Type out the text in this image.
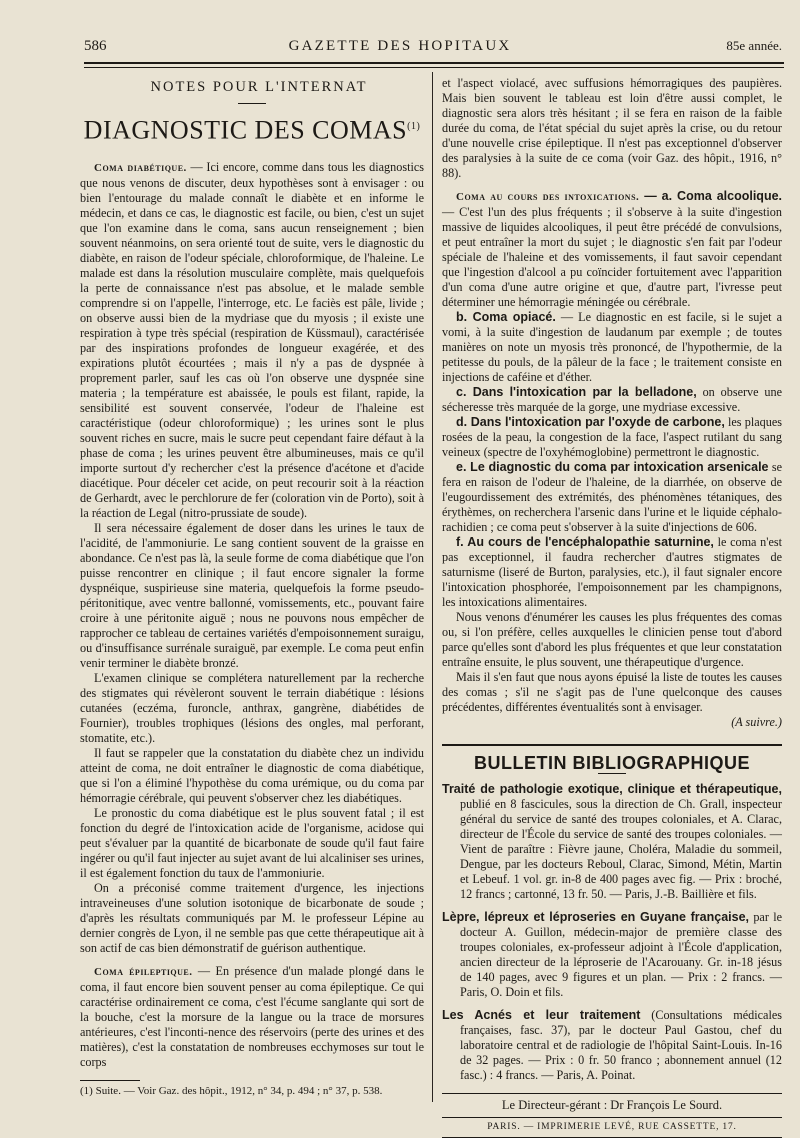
586	GAZETTE DES HOPITAUX	85e année.

NOTES POUR L'INTERNAT

DIAGNOSTIC DES COMAS$^{(1)}$

Coma diabétique. — Ici encore, comme dans tous les diagnostics que nous venons de discuter, deux hypothèses sont à envisager : ou bien l'entourage du malade connaît le diabète et en informe le médecin, et dans ce cas, le diagnostic est facile, ou bien, c'est un sujet que l'on examine dans le coma, sans aucun renseignement ; bien souvent néanmoins, on sera orienté tout de suite, vers le diagnostic du diabète, en raison de l'odeur spéciale, chloroformique, de l'haleine. Le malade est dans la résolution musculaire complète, mais quelquefois la perte de connaissance n'est pas absolue, et le malade semble comprendre si on l'appelle, l'interroge, etc. Le faciès est pâle, livide ; on observe aussi bien de la mydriase que du myosis ; il existe une respiration à type très spécial (respiration de Küssmaul), caractérisée par des inspirations profondes de longueur exagérée, et des expirations plutôt écourtées ; mais il n'y a pas de dyspnée à proprement parler, sauf les cas où l'on observe une dyspnée sine materia ; la température est abaissée, le pouls est filant, rapide, la sensibilité est souvent conservée, l'odeur de l'haleine est caractéristique (odeur chloroformique) ; les urines sont le plus souvent riches en sucre, mais le sucre peut cependant faire défaut à la phase de coma ; les urines peuvent être albumineuses, mais ce qu'il importe surtout d'y rechercher c'est la présence d'acétone et d'acide diacétique. Pour déceler cet acide, on peut recourir soit à la réaction de Gerhardt, avec le perchlorure de fer (coloration vin de Porto), soit à la réaction de Legal (nitro-prussiate de soude).

Il sera nécessaire également de doser dans les urines le taux de l'acidité, de l'ammoniurie. Le sang contient souvent de la graisse en abondance. Ce n'est pas là, la seule forme de coma diabétique que l'on puisse rencontrer en clinique ; il faut encore signaler la forme dyspnéique, suspirieuse sine materia, quelquefois la forme pseudo-péritonitique, avec ventre ballonné, vomissements, etc., pouvant faire croire à une péritonite aiguë ; nous ne pouvons nous empêcher de rapprocher ce tableau de certaines variétés d'empoisonnement suraigu, ou d'insuffisance surrénale suraiguë, par exemple. Le coma peut enfin venir terminer le diabète bronzé.

L'examen clinique se complétera naturellement par la recherche des stigmates qui révèleront souvent le terrain diabétique : lésions cutanées (eczéma, furoncle, anthrax, gangrène, diabétides de Fournier), troubles trophiques (lésions des ongles, mal perforant, stomatite, etc.).

Il faut se rappeler que la constatation du diabète chez un individu atteint de coma, ne doit entraîner le diagnostic de coma diabétique, que si l'on a éliminé l'hypothèse du coma urémique, ou du coma par hémorragie cérébrale, qui peuvent s'observer chez les diabétiques.

Le pronostic du coma diabétique est le plus souvent fatal ; il est fonction du degré de l'intoxication acide de l'organisme, acidose qui peut s'évaluer par la quantité de bicarbonate de soude qu'il faut faire ingérer ou qu'il faut injecter au sujet avant de lui alcaliniser ses urines, il est également fonction du taux de l'ammoniurie.

On a préconisé comme traitement d'urgence, les injections intraveineuses d'une solution isotonique de bicarbonate de soude ; d'après les résultats communiqués par M. le professeur Lépine au dernier congrès de Lyon, il ne semble pas que cette thérapeutique ait à son actif de cas bien démonstratif de guérison authentique.

Coma épileptique. — En présence d'un malade plongé dans le coma, il faut encore bien souvent penser au coma épileptique. Ce qui caractérise ordinairement ce coma, c'est l'écume sanglante qui sort de la bouche, c'est la morsure de la langue ou la trace de morsures antérieures, c'est l'inconti-nence des réservoirs (perte des urines et des matières), c'est la constatation de nombreuses ecchymoses sur tout le corps

(1) Suite. — Voir Gaz. des hôpit., 1912, n° 34, p. 494 ; n° 37, p. 538.

et l'aspect violacé, avec suffusions hémorragiques des paupières. Mais bien souvent le tableau est loin d'être aussi complet, le diagnostic sera alors très hésitant ; il se fera en raison de la faible durée du coma, de l'état spécial du sujet après la crise, ou du retour d'une nouvelle crise épileptique. Il n'est pas exceptionnel d'observer des paralysies à la suite de ce coma (voir Gaz. des hôpit., 1916, n° 88).

Coma au cours des intoxications. — a. Coma alcoolique. — C'est l'un des plus fréquents ; il s'observe à la suite d'ingestion massive de liquides alcooliques, il peut être précédé de convulsions, et peut entraîner la mort du sujet ; le diagnostic s'en fait par l'odeur spéciale de l'haleine et des vomissements, il faut savoir cependant que l'ingestion d'alcool a pu coïncider fortuitement avec l'apparition d'un coma d'une autre origine et que, d'autre part, l'ivresse peut déterminer une hémorragie méningée ou cérébrale.

b. Coma opiacé. — Le diagnostic en est facile, si le sujet a vomi, à la suite d'ingestion de laudanum par exemple ; de toutes manières on note un myosis très prononcé, de l'hypothermie, de la petitesse du pouls, de la pâleur de la face ; le traitement consiste en injections de caféine et d'éther.

c. Dans l'intoxication par la belladone, on observe une sécheresse très marquée de la gorge, une mydriase excessive.

d. Dans l'intoxication par l'oxyde de carbone, les plaques rosées de la peau, la congestion de la face, l'aspect rutilant du sang veineux (spectre de l'oxyhémoglobine) permettront le diagnostic.

e. Le diagnostic du coma par intoxication arsenicale se fera en raison de l'odeur de l'haleine, de la diarrhée, on observe de l'eugourdissement des extrémités, des phénomènes tétaniques, des érythèmes, on recherchera l'arsenic dans l'urine et le liquide céphalo-rachidien ; ce coma peut s'observer à la suite d'injections de 606.

f. Au cours de l'encéphalopathie saturnine, le coma n'est pas exceptionnel, il faudra rechercher d'autres stigmates de saturnisme (liseré de Burton, paralysies, etc.), il faut signaler encore l'intoxication phosphorée, l'empoisonnement par les champignons, les intoxications alimentaires.

Nous venons d'énumérer les causes les plus fréquentes des comas ou, si l'on préfère, celles auxquelles le clinicien pense tout d'abord parce qu'elles sont d'abord les plus fréquentes et que leur constatation entraîne ensuite, le plus souvent, une thérapeutique d'urgence.

Mais il s'en faut que nous ayons épuisé la liste de toutes les causes des comas ; s'il ne s'agit pas de l'une quelconque des causes précédentes, différentes éventualités sont à envisager.

(A suivre.)

BULLETIN BIBLIOGRAPHIQUE

Traité de pathologie exotique, clinique et thérapeutique, publié en 8 fascicules, sous la direction de Ch. Grall, inspecteur général du service de santé des troupes coloniales, et A. Clarac, directeur de l'École du service de santé des troupes coloniales. — Vient de paraître : Fièvre jaune, Choléra, Maladie du sommeil, Dengue, par les docteurs Reboul, Clarac, Simond, Métin, Martin et Lebeuf. 1 vol. gr. in-8 de 400 pages avec fig. — Prix : broché, 12 francs ; cartonné, 13 fr. 50. — Paris, J.-B. Baillière et fils.

Lèpre, lépreux et léproseries en Guyane française, par le docteur A. Guillon, médecin-major de première classe des troupes coloniales, ex-professeur adjoint à l'École d'application, ancien directeur de la léproserie de l'Acarouany. Gr. in-18 jésus de 140 pages, avec 9 figures et un plan. — Prix : 2 francs. — Paris, O. Doin et fils.

Les Acnés et leur traitement (Consultations médicales françaises, fasc. 37), par le docteur Paul Gastou, chef du laboratoire central et de radiologie de l'hôpital Saint-Louis. In-16 de 32 pages. — Prix : 0 fr. 50 franco ; abonnement annuel (12 fasc.) : 4 francs. — Paris, A. Poinat.

Le Directeur-gérant : Dr François Le Sourd.

PARIS. — IMPRIMERIE LEVÉ, RUE CASSETTE, 17.
